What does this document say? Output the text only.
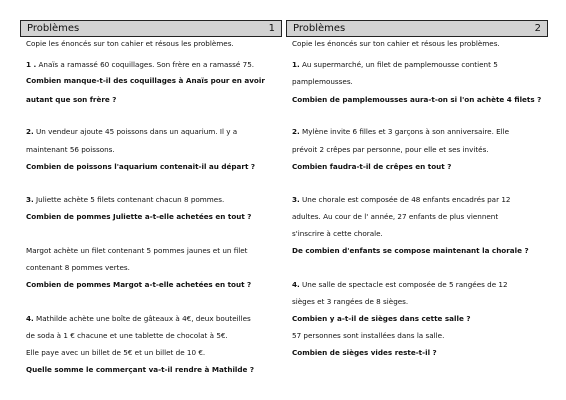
Problèmes	1
Copie les énoncés sur ton cahier et résous les problèmes.
1 . Anaïs a ramassé 60 coquillages. Son frère en a ramassé 75.
Combien manque-t-il des coquillages à Anaïs pour en avoir
autant que son frère ?
2. Un vendeur ajoute 45 poissons dans un aquarium. Il y a
maintenant 56 poissons.
Combien de poissons l'aquarium contenait-il au départ ?
3. Juliette achète 5 filets contenant chacun 8 pommes.
Combien de pommes Juliette a-t-elle achetées en tout ?
Margot achète un filet contenant 5 pommes jaunes et un filet
contenant 8 pommes vertes.
Combien de pommes Margot a-t-elle achetées en tout ?
4. Mathilde achète une boîte de gâteaux à 4€, deux bouteilles
de soda à 1 € chacune et une tablette de chocolat à 5€.
Elle paye avec un billet de 5€ et un billet de 10 €.
Quelle somme le commerçant va-t-il rendre à Mathilde ?
Problèmes	2
Copie les énoncés sur ton cahier et résous les problèmes.
1. Au supermarché, un filet de pamplemousse contient 5
pamplemousses.
Combien de pamplemousses aura-t-on si l'on achète 4 filets ?
2. Mylène invite 6 filles et 3 garçons à son anniversaire. Elle
prévoit 2 crêpes par personne, pour elle et ses invités.
Combien faudra-t-il de crêpes en tout ?
3. Une chorale est composée de 48 enfants encadrés par 12
adultes. Au cour de l' année, 27 enfants de plus viennent
s'inscrire à cette chorale.
De combien d'enfants se compose maintenant la chorale ?
4. Une salle de spectacle est composée de 5 rangées de 12
sièges et 3 rangées de 8 sièges.
Combien y a-t-il de sièges dans cette salle ?
57 personnes sont installées dans la salle.
Combien de sièges vides reste-t-il ?
